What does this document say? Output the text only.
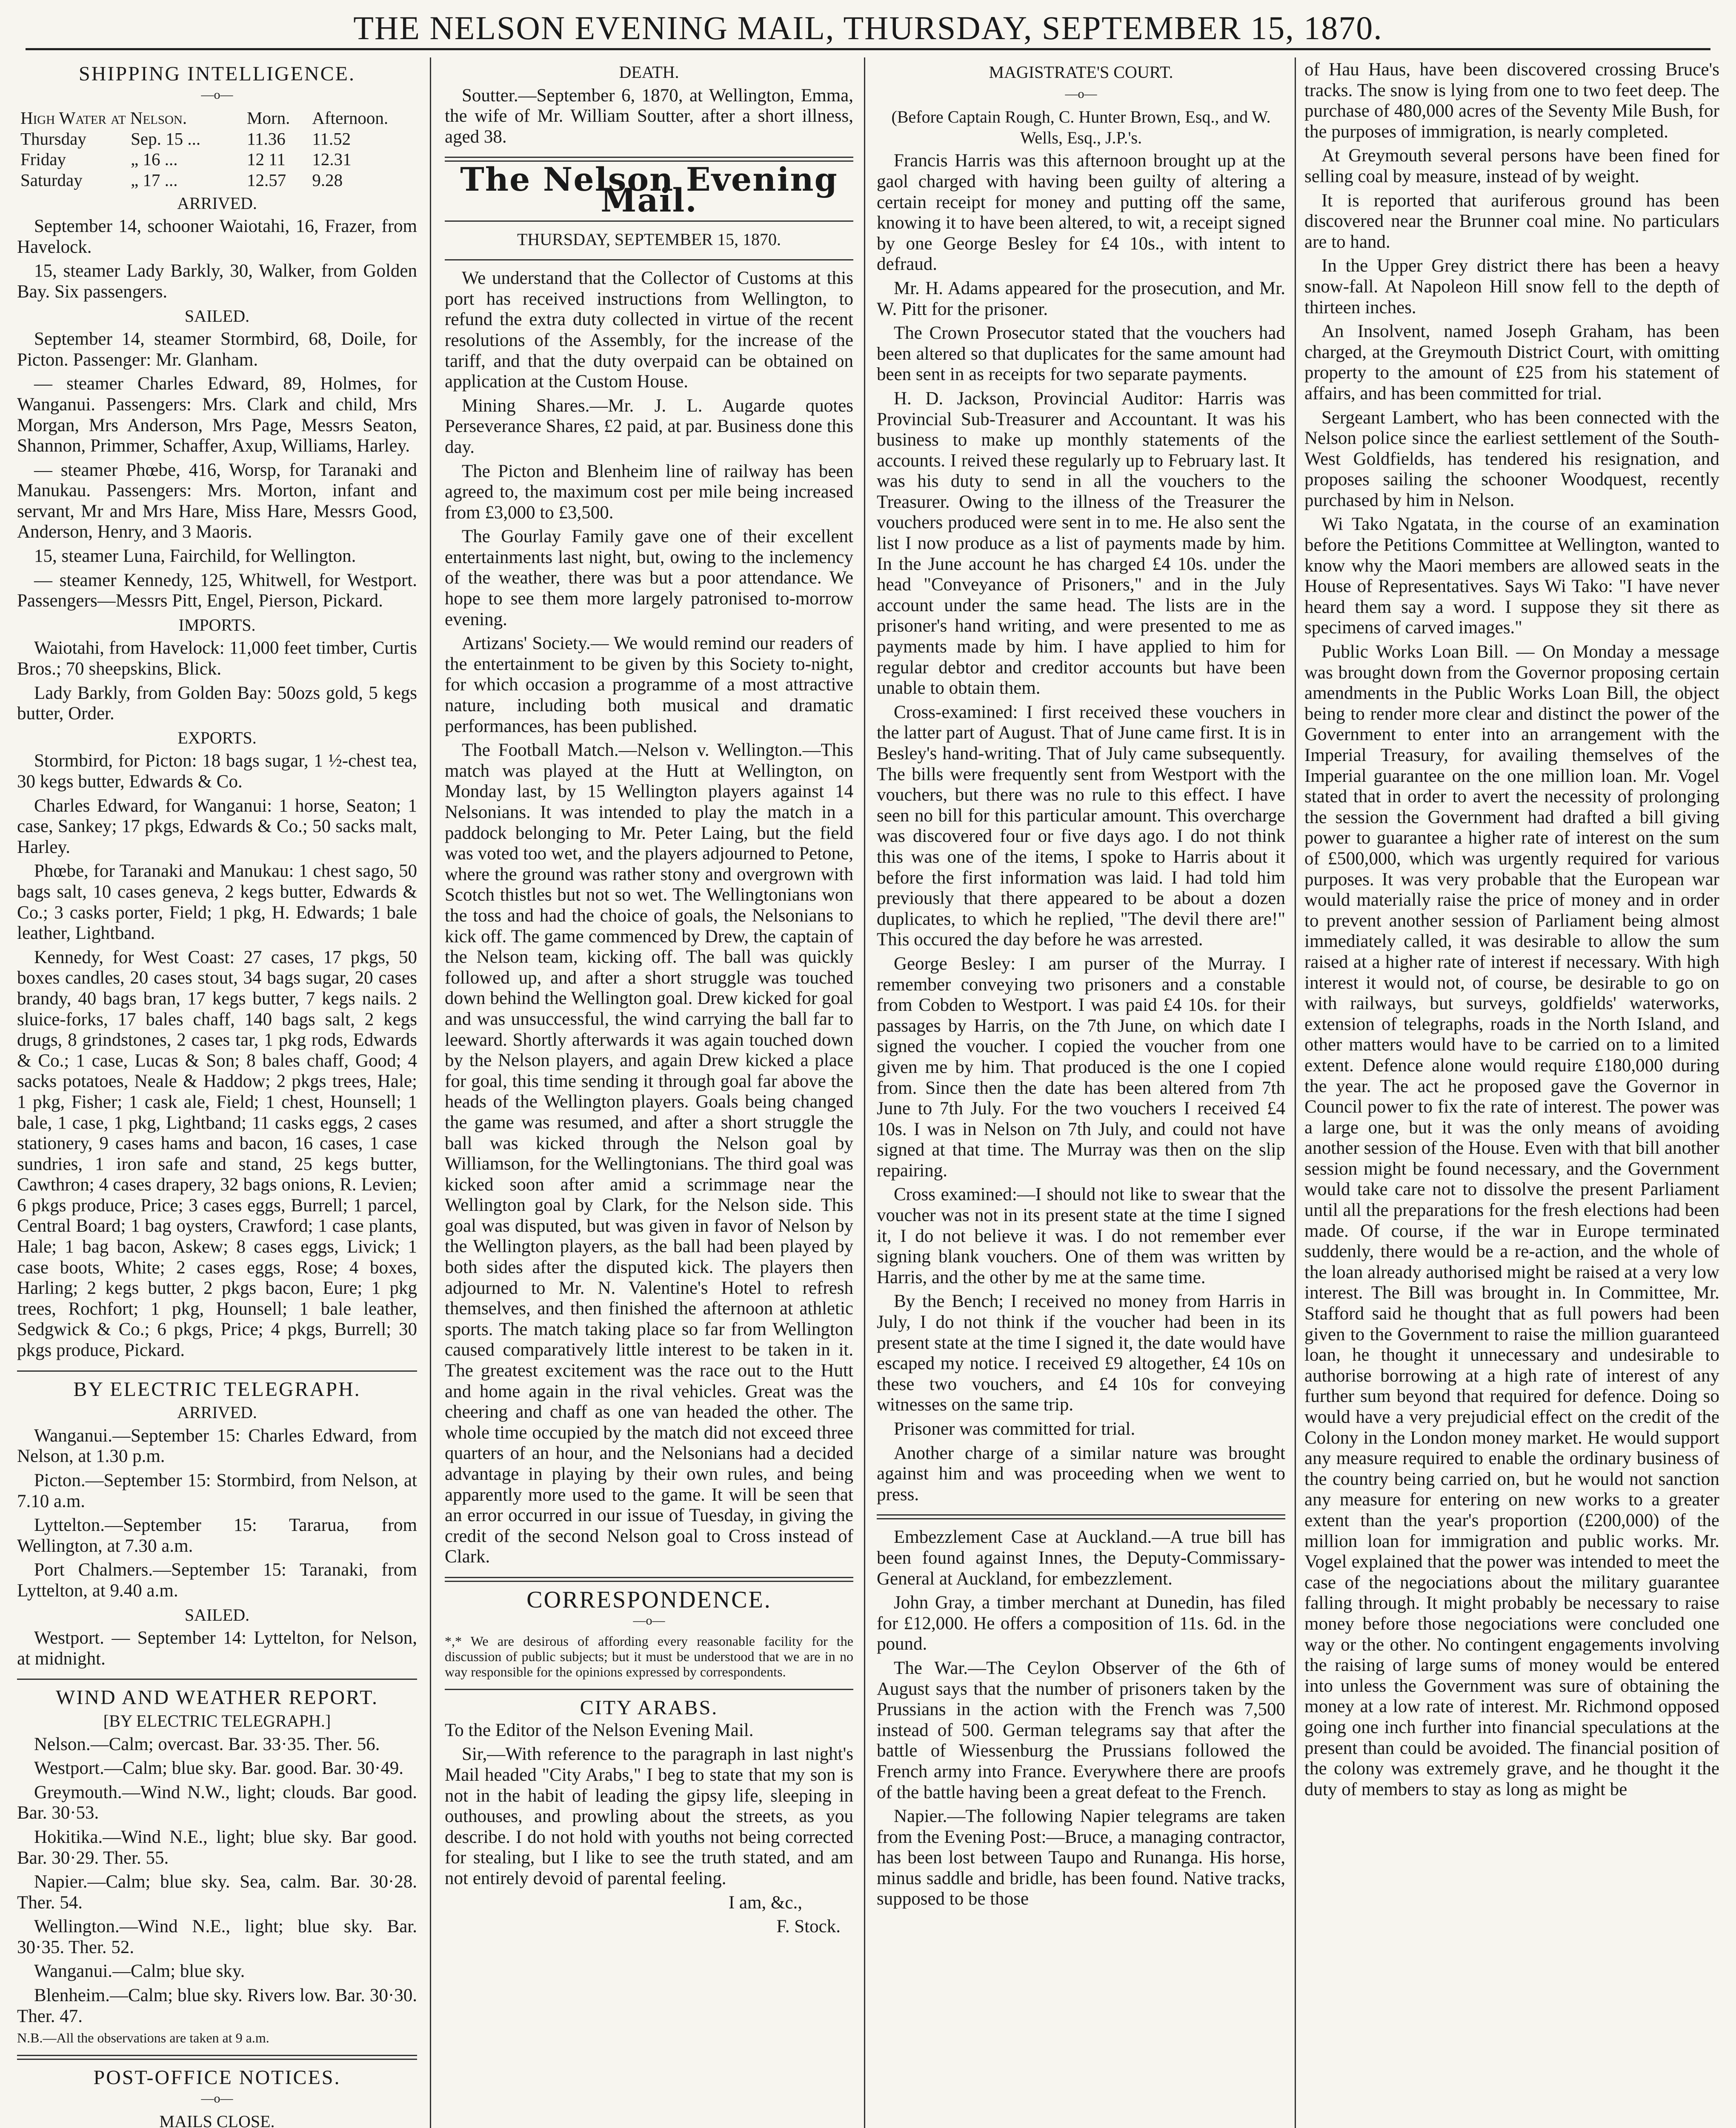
THE NELSON EVENING MAIL, THURSDAY, SEPTEMBER 15, 1870.
SHIPPING INTELLIGENCE.
—o—
High Water at Nelson.		Morn.	Afternoon.
Thursday	Sep. 15 ...	11.36	11.52
Friday	„ 16 ...	12 11	12.31
Saturday	„ 17 ...	12.57	9.28
ARRIVED.

September 14, schooner Waiotahi, 16, Frazer, from Havelock.

15, steamer Lady Barkly, 30, Walker, from Golden Bay. Six passengers.

SAILED.

September 14, steamer Stormbird, 68, Doile, for Picton. Passenger: Mr. Glanham.

— steamer Charles Edward, 89, Holmes, for Wanganui. Passengers: Mrs. Clark and child, Mrs Morgan, Mrs Anderson, Mrs Page, Messrs Seaton, Shannon, Primmer, Schaffer, Axup, Williams, Harley.

— steamer Phœbe, 416, Worsp, for Taranaki and Manukau. Passengers: Mrs. Morton, infant and servant, Mr and Mrs Hare, Miss Hare, Messrs Good, Anderson, Henry, and 3 Maoris.

15, steamer Luna, Fairchild, for Wellington.

— steamer Kennedy, 125, Whitwell, for Westport. Passengers—Messrs Pitt, Engel, Pierson, Pickard.

IMPORTS.

Waiotahi, from Havelock: 11,000 feet timber, Curtis Bros.; 70 sheepskins, Blick.

Lady Barkly, from Golden Bay: 50ozs gold, 5 kegs butter, Order.

EXPORTS.

Stormbird, for Picton: 18 bags sugar, 1 ½-chest tea, 30 kegs butter, Edwards & Co.

Charles Edward, for Wanganui: 1 horse, Seaton; 1 case, Sankey; 17 pkgs, Edwards & Co.; 50 sacks malt, Harley.

Phœbe, for Taranaki and Manukau: 1 chest sago, 50 bags salt, 10 cases geneva, 2 kegs butter, Edwards & Co.; 3 casks porter, Field; 1 pkg, H. Edwards; 1 bale leather, Lightband.

Kennedy, for West Coast: 27 cases, 17 pkgs, 50 boxes candles, 20 cases stout, 34 bags sugar, 20 cases brandy, 40 bags bran, 17 kegs butter, 7 kegs nails. 2 sluice-forks, 17 bales chaff, 140 bags salt, 2 kegs drugs, 8 grindstones, 2 cases tar, 1 pkg rods, Edwards & Co.; 1 case, Lucas & Son; 8 bales chaff, Good; 4 sacks potatoes, Neale & Haddow; 2 pkgs trees, Hale; 1 pkg, Fisher; 1 cask ale, Field; 1 chest, Hounsell; 1 bale, 1 case, 1 pkg, Lightband; 11 casks eggs, 2 cases stationery, 9 cases hams and bacon, 16 cases, 1 case sundries, 1 iron safe and stand, 25 kegs butter, Cawthron; 4 cases drapery, 32 bags onions, R. Levien; 6 pkgs produce, Price; 3 cases eggs, Burrell; 1 parcel, Central Board; 1 bag oysters, Crawford; 1 case plants, Hale; 1 bag bacon, Askew; 8 cases eggs, Livick; 1 case boots, White; 2 cases eggs, Rose; 4 boxes, Harling; 2 kegs butter, 2 pkgs bacon, Eure; 1 pkg trees, Rochfort; 1 pkg, Hounsell; 1 bale leather, Sedgwick & Co.; 6 pkgs, Price; 4 pkgs, Burrell; 30 pkgs produce, Pickard.

BY ELECTRIC TELEGRAPH.
ARRIVED.

Wanganui.—September 15: Charles Edward, from Nelson, at 1.30 p.m.

Picton.—September 15: Stormbird, from Nelson, at 7.10 a.m.

Lyttelton.—September 15: Tararua, from Wellington, at 7.30 a.m.

Port Chalmers.—September 15: Taranaki, from Lyttelton, at 9.40 a.m.

SAILED.

Westport. — September 14: Lyttelton, for Nelson, at midnight.

WIND AND WEATHER REPORT.
[BY ELECTRIC TELEGRAPH.]

Nelson.—Calm; overcast. Bar. 33·35. Ther. 56.

Westport.—Calm; blue sky. Bar. good. Bar. 30·49.

Greymouth.—Wind N.W., light; clouds. Bar good. Bar. 30·53.

Hokitika.—Wind N.E., light; blue sky. Bar good. Bar. 30·29. Ther. 55.

Napier.—Calm; blue sky. Sea, calm. Bar. 30·28. Ther. 54.

Wellington.—Wind N.E., light; blue sky. Bar. 30·35. Ther. 52.

Wanganui.—Calm; blue sky.

Blenheim.—Calm; blue sky. Rivers low. Bar. 30·30. Ther. 47.

N.B.—All the observations are taken at 9 a.m.

POST-OFFICE NOTICES.
—o—
MAILS CLOSE.

DEATH.

Soutter.—September 6, 1870, at Wellington, Emma, the wife of Mr. William Soutter, after a short illness, aged 38.

The Nelson Evening Mail.
THURSDAY, SEPTEMBER 15, 1870.

We understand that the Collector of Customs at this port has received instructions from Wellington, to refund the extra duty collected in virtue of the recent resolutions of the Assembly, for the increase of the tariff, and that the duty overpaid can be obtained on application at the Custom House.

Mining Shares.—Mr. J. L. Augarde quotes Perseverance Shares, £2 paid, at par. Business done this day.

The Picton and Blenheim line of railway has been agreed to, the maximum cost per mile being increased from £3,000 to £3,500.

The Gourlay Family gave one of their excellent entertainments last night, but, owing to the inclemency of the weather, there was but a poor attendance. We hope to see them more largely patronised to-morrow evening.

Artizans' Society.— We would remind our readers of the entertainment to be given by this Society to-night, for which occasion a programme of a most attractive nature, including both musical and dramatic performances, has been published.

The Football Match.—Nelson v. Wellington.—This match was played at the Hutt at Wellington, on Monday last, by 15 Wellington players against 14 Nelsonians. It was intended to play the match in a paddock belonging to Mr. Peter Laing, but the field was voted too wet, and the players adjourned to Petone, where the ground was rather stony and overgrown with Scotch thistles but not so wet. The Wellingtonians won the toss and had the choice of goals, the Nelsonians to kick off. The game commenced by Drew, the captain of the Nelson team, kicking off. The ball was quickly followed up, and after a short struggle was touched down behind the Wellington goal. Drew kicked for goal and was unsuccessful, the wind carrying the ball far to leeward. Shortly afterwards it was again touched down by the Nelson players, and again Drew kicked a place for goal, this time sending it through goal far above the heads of the Wellington players. Goals being changed the game was resumed, and after a short struggle the ball was kicked through the Nelson goal by Williamson, for the Wellingtonians. The third goal was kicked soon after amid a scrimmage near the Wellington goal by Clark, for the Nelson side. This goal was disputed, but was given in favor of Nelson by the Wellington players, as the ball had been played by both sides after the disputed kick. The players then adjourned to Mr. N. Valentine's Hotel to refresh themselves, and then finished the afternoon at athletic sports. The match taking place so far from Wellington caused comparatively little interest to be taken in it. The greatest excitement was the race out to the Hutt and home again in the rival vehicles. Great was the cheering and chaff as one van headed the other. The whole time occupied by the match did not exceed three quarters of an hour, and the Nelsonians had a decided advantage in playing by their own rules, and being apparently more used to the game. It will be seen that an error occurred in our issue of Tuesday, in giving the credit of the second Nelson goal to Cross instead of Clark.

CORRESPONDENCE.
—o—

*,* We are desirous of affording every reasonable facility for the discussion of public subjects; but it must be understood that we are in no way responsible for the opinions expressed by correspondents.

CITY ARABS.

To the Editor of the Nelson Evening Mail.

Sir,—With reference to the paragraph in last night's Mail headed "City Arabs," I beg to state that my son is not in the habit of leading the gipsy life, sleeping in outhouses, and prowling about the streets, as you describe. I do not hold with youths not being corrected for stealing, but I like to see the truth stated, and am not entirely devoid of parental feeling.

I am, &c.,

F. Stock.

MAGISTRATE'S COURT.
—o—
(Before Captain Rough, C. Hunter Brown, Esq., and W. Wells, Esq., J.P.'s.

Francis Harris was this afternoon brought up at the gaol charged with having been guilty of altering a certain receipt for money and putting off the same, knowing it to have been altered, to wit, a receipt signed by one George Besley for £4 10s., with intent to defraud.

Mr. H. Adams appeared for the prosecution, and Mr. W. Pitt for the prisoner.

The Crown Prosecutor stated that the vouchers had been altered so that duplicates for the same amount had been sent in as receipts for two separate payments.

H. D. Jackson, Provincial Auditor: Harris was Provincial Sub-Treasurer and Accountant. It was his business to make up monthly statements of the accounts. I reived these regularly up to February last. It was his duty to send in all the vouchers to the Treasurer. Owing to the illness of the Treasurer the vouchers produced were sent in to me. He also sent the list I now produce as a list of payments made by him. In the June account he has charged £4 10s. under the head "Conveyance of Prisoners," and in the July account under the same head. The lists are in the prisoner's hand writing, and were presented to me as payments made by him. I have applied to him for regular debtor and creditor accounts but have been unable to obtain them.

Cross-examined: I first received these vouchers in the latter part of August. That of June came first. It is in Besley's hand-writing. That of July came subsequently. The bills were frequently sent from Westport with the vouchers, but there was no rule to this effect. I have seen no bill for this particular amount. This overcharge was discovered four or five days ago. I do not think this was one of the items, I spoke to Harris about it before the first information was laid. I had told him previously that there appeared to be about a dozen duplicates, to which he replied, "The devil there are!" This occured the day before he was arrested.

George Besley: I am purser of the Murray. I remember conveying two prisoners and a constable from Cobden to Westport. I was paid £4 10s. for their passages by Harris, on the 7th June, on which date I signed the voucher. I copied the voucher from one given me by him. That produced is the one I copied from. Since then the date has been altered from 7th June to 7th July. For the two vouchers I received £4 10s. I was in Nelson on 7th July, and could not have signed at that time. The Murray was then on the slip repairing.

Cross examined:—I should not like to swear that the voucher was not in its present state at the time I signed it, I do not believe it was. I do not remember ever signing blank vouchers. One of them was written by Harris, and the other by me at the same time.

By the Bench; I received no money from Harris in July, I do not think if the voucher had been in its present state at the time I signed it, the date would have escaped my notice. I received £9 altogether, £4 10s on these two vouchers, and £4 10s for conveying witnesses on the same trip.

Prisoner was committed for trial.

Another charge of a similar nature was brought against him and was proceeding when we went to press.

Embezzlement Case at Auckland.—A true bill has been found against Innes, the Deputy-Commissary-General at Auckland, for embezzlement.

John Gray, a timber merchant at Dunedin, has filed for £12,000. He offers a composition of 11s. 6d. in the pound.

The War.—The Ceylon Observer of the 6th of August says that the number of prisoners taken by the Prussians in the action with the French was 7,500 instead of 500. German telegrams say that after the battle of Wiessenburg the Prussians followed the French army into France. Everywhere there are proofs of the battle having been a great defeat to the French.

Napier.—The following Napier telegrams are taken from the Evening Post:—Bruce, a managing contractor, has been lost between Taupo and Runanga. His horse, minus saddle and bridle, has been found. Native tracks, supposed to be those

of Hau Haus, have been discovered crossing Bruce's tracks. The snow is lying from one to two feet deep. The purchase of 480,000 acres of the Seventy Mile Bush, for the purposes of immigration, is nearly completed.

At Greymouth several persons have been fined for selling coal by measure, instead of by weight.

It is reported that auriferous ground has been discovered near the Brunner coal mine. No particulars are to hand.

In the Upper Grey district there has been a heavy snow-fall. At Napoleon Hill snow fell to the depth of thirteen inches.

An Insolvent, named Joseph Graham, has been charged, at the Greymouth District Court, with omitting property to the amount of £25 from his statement of affairs, and has been committed for trial.

Sergeant Lambert, who has been connected with the Nelson police since the earliest settlement of the South-West Goldfields, has tendered his resignation, and proposes sailing the schooner Woodquest, recently purchased by him in Nelson.

Wi Tako Ngatata, in the course of an examination before the Petitions Committee at Wellington, wanted to know why the Maori members are allowed seats in the House of Representatives. Says Wi Tako: "I have never heard them say a word. I suppose they sit there as specimens of carved images."

Public Works Loan Bill. — On Monday a message was brought down from the Governor proposing certain amendments in the Public Works Loan Bill, the object being to render more clear and distinct the power of the Government to enter into an arrangement with the Imperial Treasury, for availing themselves of the Imperial guarantee on the one million loan. Mr. Vogel stated that in order to avert the necessity of prolonging the session the Government had drafted a bill giving power to guarantee a higher rate of interest on the sum of £500,000, which was urgently required for various purposes. It was very probable that the European war would materially raise the price of money and in order to prevent another session of Parliament being almost immediately called, it was desirable to allow the sum raised at a higher rate of interest if necessary. With high interest it would not, of course, be desirable to go on with railways, but surveys, goldfields' waterworks, extension of telegraphs, roads in the North Island, and other matters would have to be carried on to a limited extent. Defence alone would require £180,000 during the year. The act he proposed gave the Governor in Council power to fix the rate of interest. The power was a large one, but it was the only means of avoiding another session of the House. Even with that bill another session might be found necessary, and the Government would take care not to dissolve the present Parliament until all the preparations for the fresh elections had been made. Of course, if the war in Europe terminated suddenly, there would be a re-action, and the whole of the loan already authorised might be raised at a very low interest. The Bill was brought in. In Committee, Mr. Stafford said he thought that as full powers had been given to the Government to raise the million guaranteed loan, he thought it unnecessary and undesirable to authorise borrowing at a high rate of interest of any further sum beyond that required for defence. Doing so would have a very prejudicial effect on the credit of the Colony in the London money market. He would support any measure required to enable the ordinary business of the country being carried on, but he would not sanction any measure for entering on new works to a greater extent than the year's proportion (£200,000) of the million loan for immigration and public works. Mr. Vogel explained that the power was intended to meet the case of the negociations about the military guarantee falling through. It might probably be necessary to raise money before those negociations were concluded one way or the other. No contingent engagements involving the raising of large sums of money would be entered into unless the Government was sure of obtaining the money at a low rate of interest. Mr. Richmond opposed going one inch further into financial speculations at the present than could be avoided. The financial position of the colony was extremely grave, and he thought it the duty of members to stay as long as might be
